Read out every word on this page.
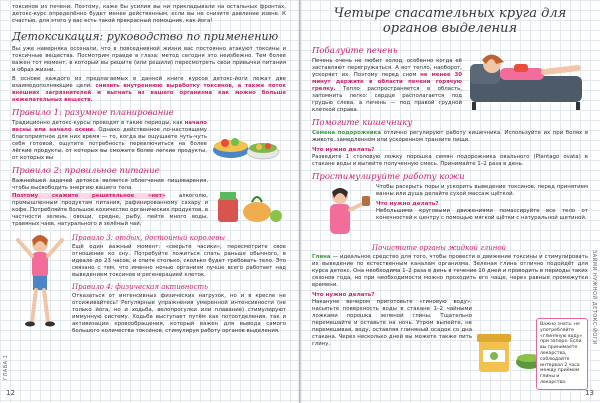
токсинов из печени. Поэтому, каже бы усилия вы ни прикладывали на остальных фронтах, детокс-курс определённо будет менее действенным, если вы не снизите давление извне. К счастью, для этого у вас есть такой прекрасный помощник, как йога!

Детоксикация: руководство по применению

Вы уже наверняка осознали, что в повседневной жизни вас постоянно атакуют токсины и токсичные вещества. Посмотрим правде в глаза: метод сегодня это неизбежно. Тем более важен тот момент, в который вы решите (или решили) пересмотреть свои привычки питания и образ жизни.

В основе каждого из предлагаемых в данной книге курсов детокс-йоги лежат две взаимодополняющие цели: снизить внутреннюю выработку токсинов, а также поток внешних загрязнителей и выгнать из вашего организма как можно больше нежелательных веществ.

Правило 1: разумное планирование

Традиционно детокс-курсы проводят в такие периоды, как начало весны или начало осени. Однако действенное по-настоящему благоприятное для них время — то, когда вы ощущаете чуть-чуть себя готовой, ощутите потребность перевлючиться на более лёгкие продукты, от которых вы сможете более легкие продукты, от которых вы

Правило 2: правильное питание

Важнейшей задачей детокса является облегчение пищеварения, чтобы высвободить энергию вашего тела.

Поэтому скажите решительное «нет»	алкоголю, промышленным продуктам питания, рафинированному сахару и кофе. Потребляйте большое количество органических продуктов, в частности зелень, овощи, средне, рыбу, пейте много воды, травяных чаев, натурального и зелёный чай.

Правило 3: отдых, достойный королевы

Ещё один важный момент: «сверьте часики», пересмотрите свое отношение ко сну. Потребуйте ложиться спать раньше обычного, в идеале до 23 часов, и спите столько, сколько будет требовать тело. Это связано с тем, что именно ночью организм лучше всего работает над выведением токсинов и регенерацией клеток.

Правило 4: физическая активность

Отказаться от интенсивных физических нагрузок, но и в кресле не отсиживайтесь! Регулярные упражнения умеренной интенсивности (не только йога, но и ходьба, велопрогулки или плавание) стимулируют иммунную систему. Ходьба выступает путём как потоотделения, так и активизации кровообращения, который важен для вывода самого большого количества токсинов, стимулируя работу органов выделения.

12
ГЛАВА 1
Четыре спасательных круга для органов выделения
Побалуйте печень

Печень очень не любит холод, особенно когда её заставляют перегружаться. А вот тепло, наоборот, ускоряет их. Поэтому перед сном не менее 30 минут держите в области печени горячую грелку. Тепло распространяется в область, запомнить легко: сердце располагается под грудью слева, а печень — под правой грудной клеткой справа.

Помогите кишечнику

Семена подорожника отлично регулируют работу кишечника. Используйте их при болях в животе, замедленном или ускоренном транзите пищи.

Что нужно делать?

Разведите 1 столовую ложку порошка семян подорожника овального (Plantago ovata) в стакане воды и выпейте полученную смесь. Принимайте 1–2 раза в день.

Простимулируйте работу кожи

Чтобы раскрыть поры и ускорить выведение токсинов, перед принятием ванны или душа делайте сухой массаж щёткой.

Что нужно делать?

Небольшими круговыми движениями помассируйте все тело от конечностей к центру с помощью мягкой щётки с натуральной щетиной.

Почистите органы жидкой глиной

Глина — идеальное средство для того, чтобы провести в движение токсины и стимулировать их выведение по естественным каналам организма. Зеленая глина отлично подойдёт для курса детокс. Она необходима 1–2 раза в день в течение 10 дней и проводить в периоды таких сезонов года, но при необходимости можно проходить его чаще, через равные промежутки времени.

Что нужно делать?

Накануне вечером приготовьте «гиновую воду»: насыпьте поверхность воды в стакане 1–2 чайными ложками порошка зеленой глины. Тщательно перемешайте и оставьте на ночь. Утром выпейте, не перемешивая, воду, оставляя глиняный осадок со дна стакана. Через несколько дней вы можете также пить глину.

Важно знать: не употребляйте «глиняную воду» при запоре. Если вы принимаете лекарства, соблюдайте интервал 2 часа между приёмом глины и лекарства.
13
ЗАЙМИ НУЖНОЙ ДЕТОКС-ЙОГИ
